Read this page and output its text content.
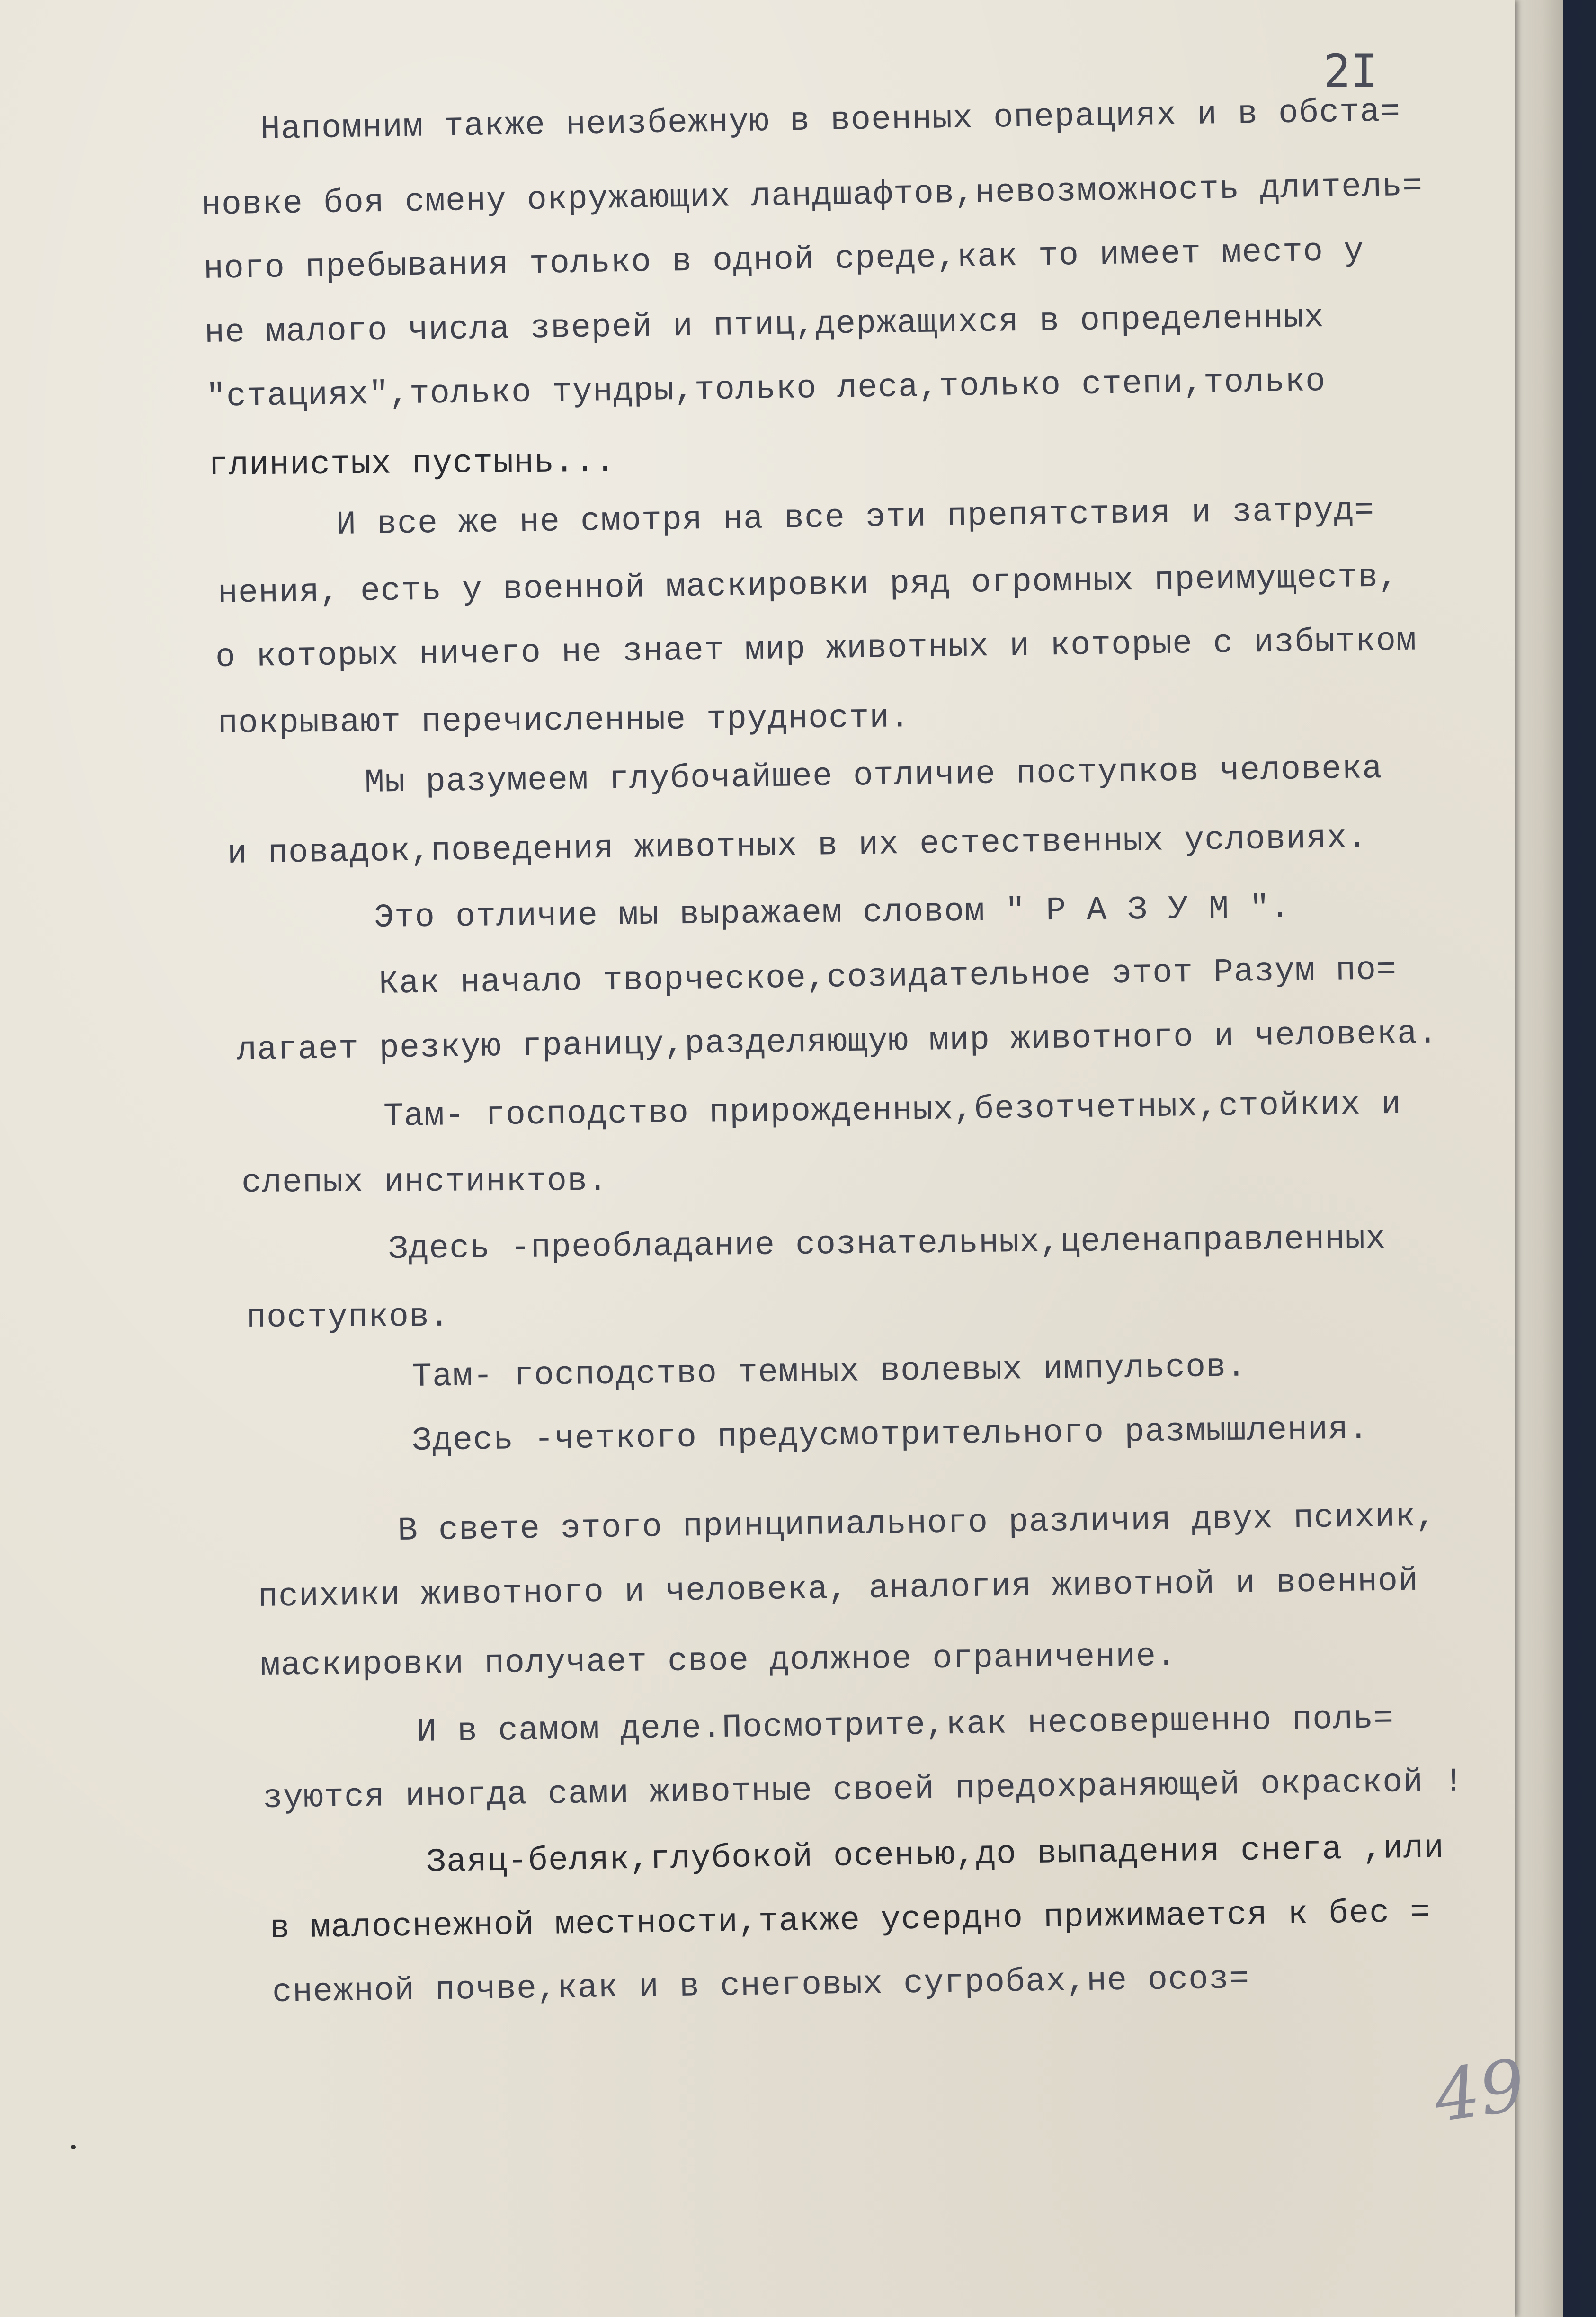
2I
Напомним также неизбежную в военных операциях и в обста=
новке боя смену окружающих ландшафтов,невозможность длитель=
ного пребывания только в одной среде,как то имеет место у
не малого числа зверей и птиц,держащихся в определенных
"стациях",только тундры,только леса,только степи,только
глинистых пустынь...
И все же не смотря на все эти препятствия и затруд=
нения, есть у военной маскировки ряд огромных преимуществ,
о которых ничего не знает мир животных и которые с избытком
покрывают перечисленные трудности.
Мы разумеем глубочайшее отличие поступков человека
и повадок,поведения животных в их естественных условиях.
Это отличие мы выражаем словом " Р А З У М ".
Как начало творческое,созидательное этот Разум по=
лагает резкую границу,разделяющую мир животного и человека.
Там- господство прирожденных,безотчетных,стойких и
слепых инстинктов.
Здесь -преобладание сознательных,целенаправленных
поступков.
Там- господство темных волевых импульсов.
Здесь -четкого предусмотрительного размышления.
В свете этого принципиального различия двух психик,
психики животного и человека, аналогия животной и военной
маскировки получает свое должное ограничение.
И в самом деле.Посмотрите,как несовершенно поль=
зуются иногда сами животные своей предохраняющей окраской !
Заяц-беляк,глубокой осенью,до выпадения снега ,или
в малоснежной местности,также усердно прижимается к бес =
снежной почве,как и в снеговых сугробах,не осоз=
49
